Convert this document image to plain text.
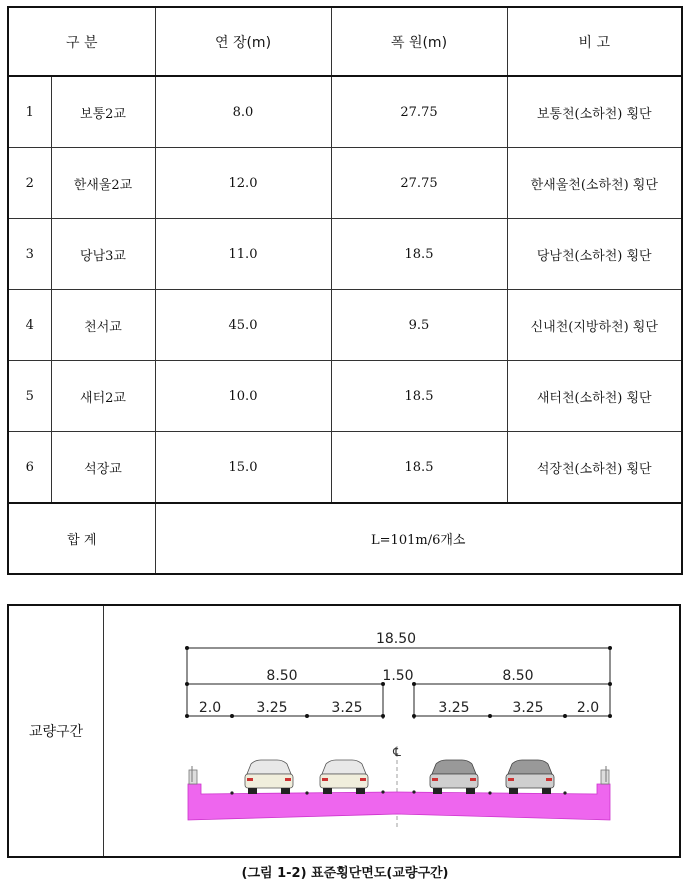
구 분		연 장(m)	폭 원(m)	비 고
1	보통2교	8.0	27.75	보통천(소하천) 횡단
2	한새울2교	12.0	27.75	한새울천(소하천) 횡단
3	당남3교	11.0	18.5	당남천(소하천) 횡단
4	천서교	45.0	9.5	신내천(지방하천) 횡단
5	새터2교	10.0	18.5	새터천(소하천) 횡단
6	석장교	15.0	18.5	석장천(소하천) 횡단
합 계		L=101m/6개소		
교량구간
18.50
8.50	1.50	8.50
2.0	3.25	3.25	3.25	3.25 2.0
℄
(그림 1-2) 표준횡단면도(교량구간)
